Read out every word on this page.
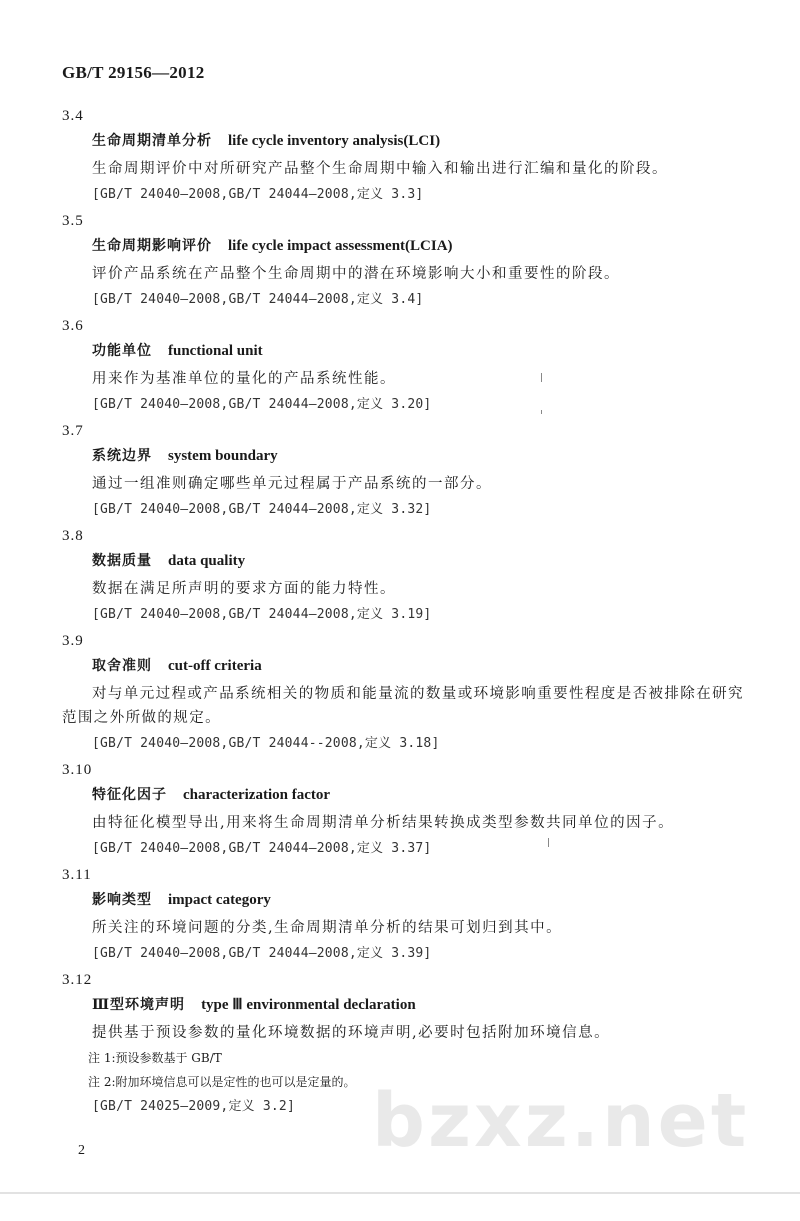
GB/T 29156—2012
3.4
生命周期清单分析 life cycle inventory analysis(LCI)
生命周期评价中对所研究产品整个生命周期中输入和输出进行汇编和量化的阶段。
[GB/T 24040—2008,GB/T 24044—2008,定义 3.3]
3.5
生命周期影响评价 life cycle impact assessment(LCIA)
评价产品系统在产品整个生命周期中的潜在环境影响大小和重要性的阶段。
[GB/T 24040—2008,GB/T 24044—2008,定义 3.4]
3.6
功能单位 functional unit
用来作为基准单位的量化的产品系统性能。
[GB/T 24040—2008,GB/T 24044—2008,定义 3.20]
3.7
系统边界 system boundary
通过一组准则确定哪些单元过程属于产品系统的一部分。
[GB/T 24040—2008,GB/T 24044—2008,定义 3.32]
3.8
数据质量 data quality
数据在满足所声明的要求方面的能力特性。
[GB/T 24040—2008,GB/T 24044—2008,定义 3.19]
3.9
取舍准则 cut-off criteria
对与单元过程或产品系统相关的物质和能量流的数量或环境影响重要性程度是否被排除在研究范围之外所做的规定。
[GB/T 24040—2008,GB/T 24044--2008,定义 3.18]
3.10
特征化因子 characterization factor
由特征化模型导出,用来将生命周期清单分析结果转换成类型参数共同单位的因子。
[GB/T 24040—2008,GB/T 24044—2008,定义 3.37]
3.11
影响类型 impact category
所关注的环境问题的分类,生命周期清单分析的结果可划归到其中。
[GB/T 24040—2008,GB/T 24044—2008,定义 3.39]
3.12
Ⅲ型环境声明 type Ⅲ environmental declaration
提供基于预设参数的量化环境数据的环境声明,必要时包括附加环境信息。
注 1:预设参数基于 GB/T
注 2:附加环境信息可以是定性的也可以是定量的。
[GB/T 24025—2009,定义 3.2]
2	bzxz.net
